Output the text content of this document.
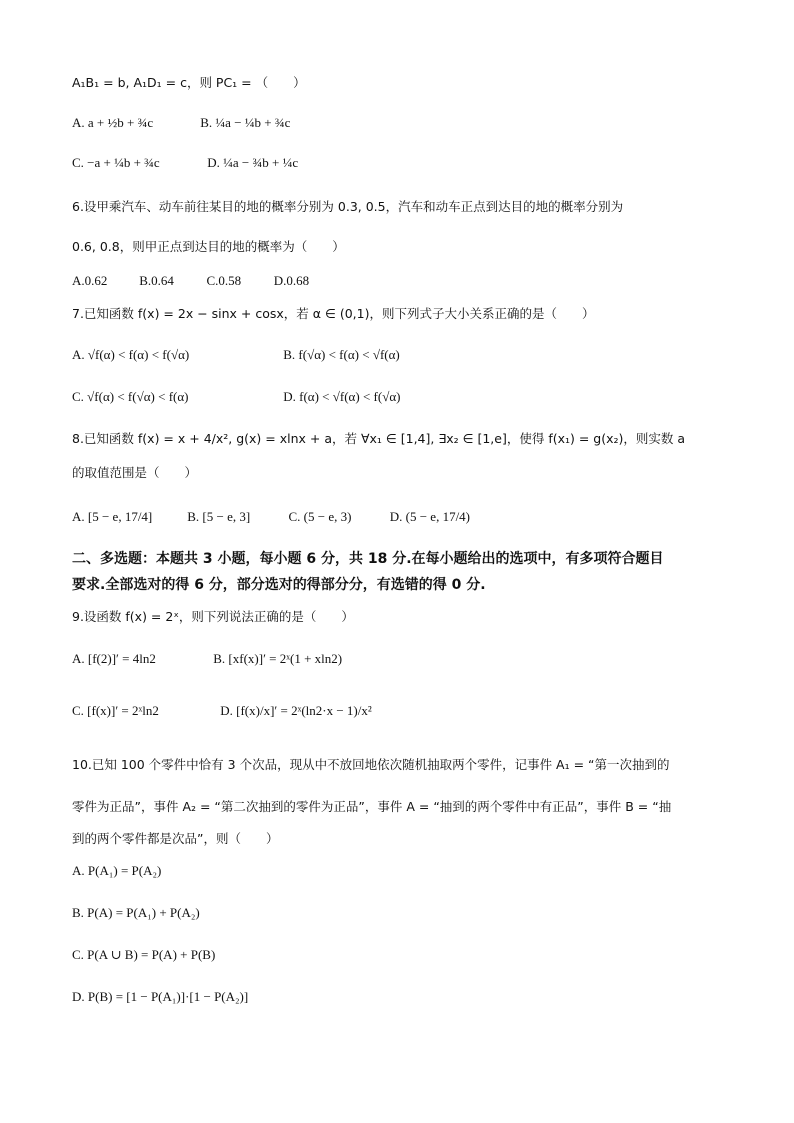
A₁B₁ = b, A₁D₁ = c，则 PC₁ = （　　）
A. a + ½b + ¾c	B. ¼a − ¼b + ¾c
C. −a + ¼b + ¾c	D. ¼a − ¾b + ¼c
6.设甲乘汽车、动车前往某目的地的概率分别为 0.3, 0.5，汽车和动车正点到达目的地的概率分别为
0.6, 0.8，则甲正点到达目的地的概率为（　　）
A.0.62 B.0.64	C.0.58	D.0.68
7.已知函数 f(x) = 2x − sinx + cosx，若 α ∈ (0,1)，则下列式子大小关系正确的是（　　）
A. √f(α) < f(α) < f(√α)	B. f(√α) < f(α) < √f(α)
C. √f(α) < f(√α) < f(α)	D. f(α) < √f(α) < f(√α)
8.已知函数 f(x) = x + 4/x², g(x) = xlnx + a，若 ∀x₁ ∈ [1,4], ∃x₂ ∈ [1,e]，使得 f(x₁) = g(x₂)，则实数 a
的取值范围是（　　）
A. [5 − e, 17/4]	B. [5 − e, 3]	C. (5 − e, 3)	D. (5 − e, 17/4)
二、多选题：本题共 3 小题，每小题 6 分，共 18 分.在每小题给出的选项中，有多项符合题目
要求.全部选对的得 6 分，部分选对的得部分分，有选错的得 0 分.
9.设函数 f(x) = 2ˣ，则下列说法正确的是（　　）
A. [f(2)]′ = 4ln2	B. [xf(x)]′ = 2ˣ(1 + xln2)
C. [f(x)]′ = 2ˣln2	D. [f(x)/x]′ = 2ˣ(ln2·x − 1)/x²
10.已知 100 个零件中恰有 3 个次品，现从中不放回地依次随机抽取两个零件，记事件 A₁ = “第一次抽到的
零件为正品”，事件 A₂ = “第二次抽到的零件为正品”，事件 A = “抽到的两个零件中有正品”，事件 B = “抽
到的两个零件都是次品”，则（　　）
A. P(A₁) = P(A₂)
B. P(A) = P(A₁) + P(A₂)
C. P(A ∪ B) = P(A) + P(B)
D. P(B) = [1 − P(A₁)]·[1 − P(A₂)]
